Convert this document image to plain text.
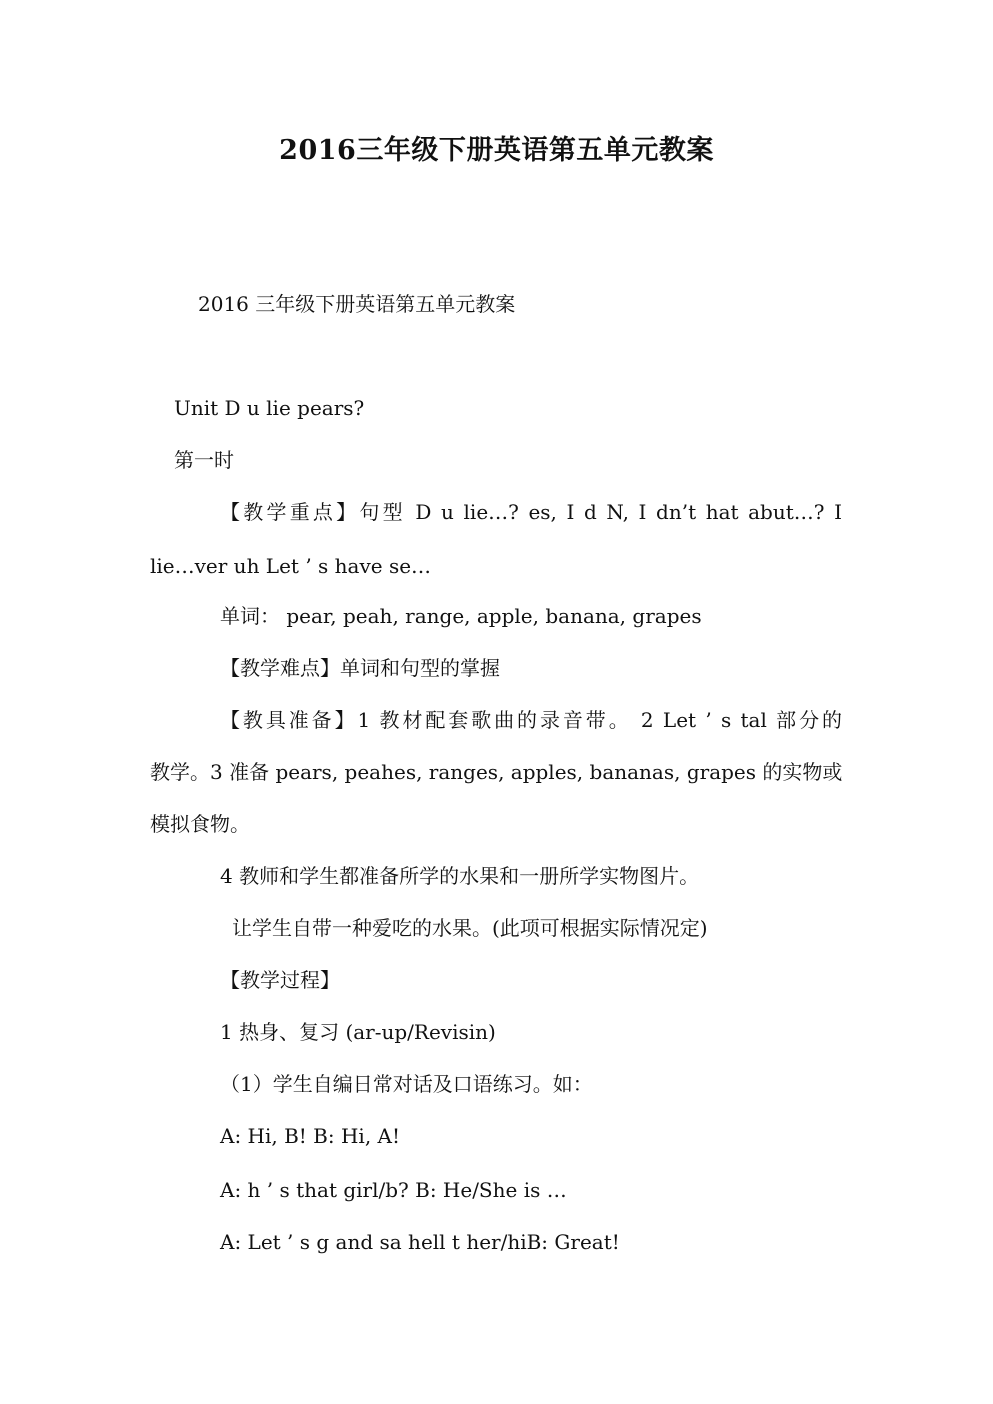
2016三年级下册英语第五单元教案
2016 三年级下册英语第五单元教案
Unit D u lie pears?
第一时
【教学重点】句型 D u lie…? es, I d N, I dn’t hat abut…? I
lie…ver uh Let ’ s have se…
单词： pear, peah, range, apple, banana, grapes
【教学难点】单词和句型的掌握
【教具准备】1 教材配套歌曲的录音带。 2 Let ’ s tal 部分的
教学。3 准备 pears, peahes, ranges, apples, bananas, grapes 的实物或
模拟食物。
4 教师和学生都准备所学的水果和一册所学实物图片。
让学生自带一种爱吃的水果。(此项可根据实际情况定)
【教学过程】
1 热身、复习 (ar-up/Revisin)
（1）学生自编日常对话及口语练习。如：
A: Hi, B! B: Hi, A!
A: h ’ s that girl/b? B: He/She is …
A: Let ’ s g and sa hell t her/hiB: Great!
